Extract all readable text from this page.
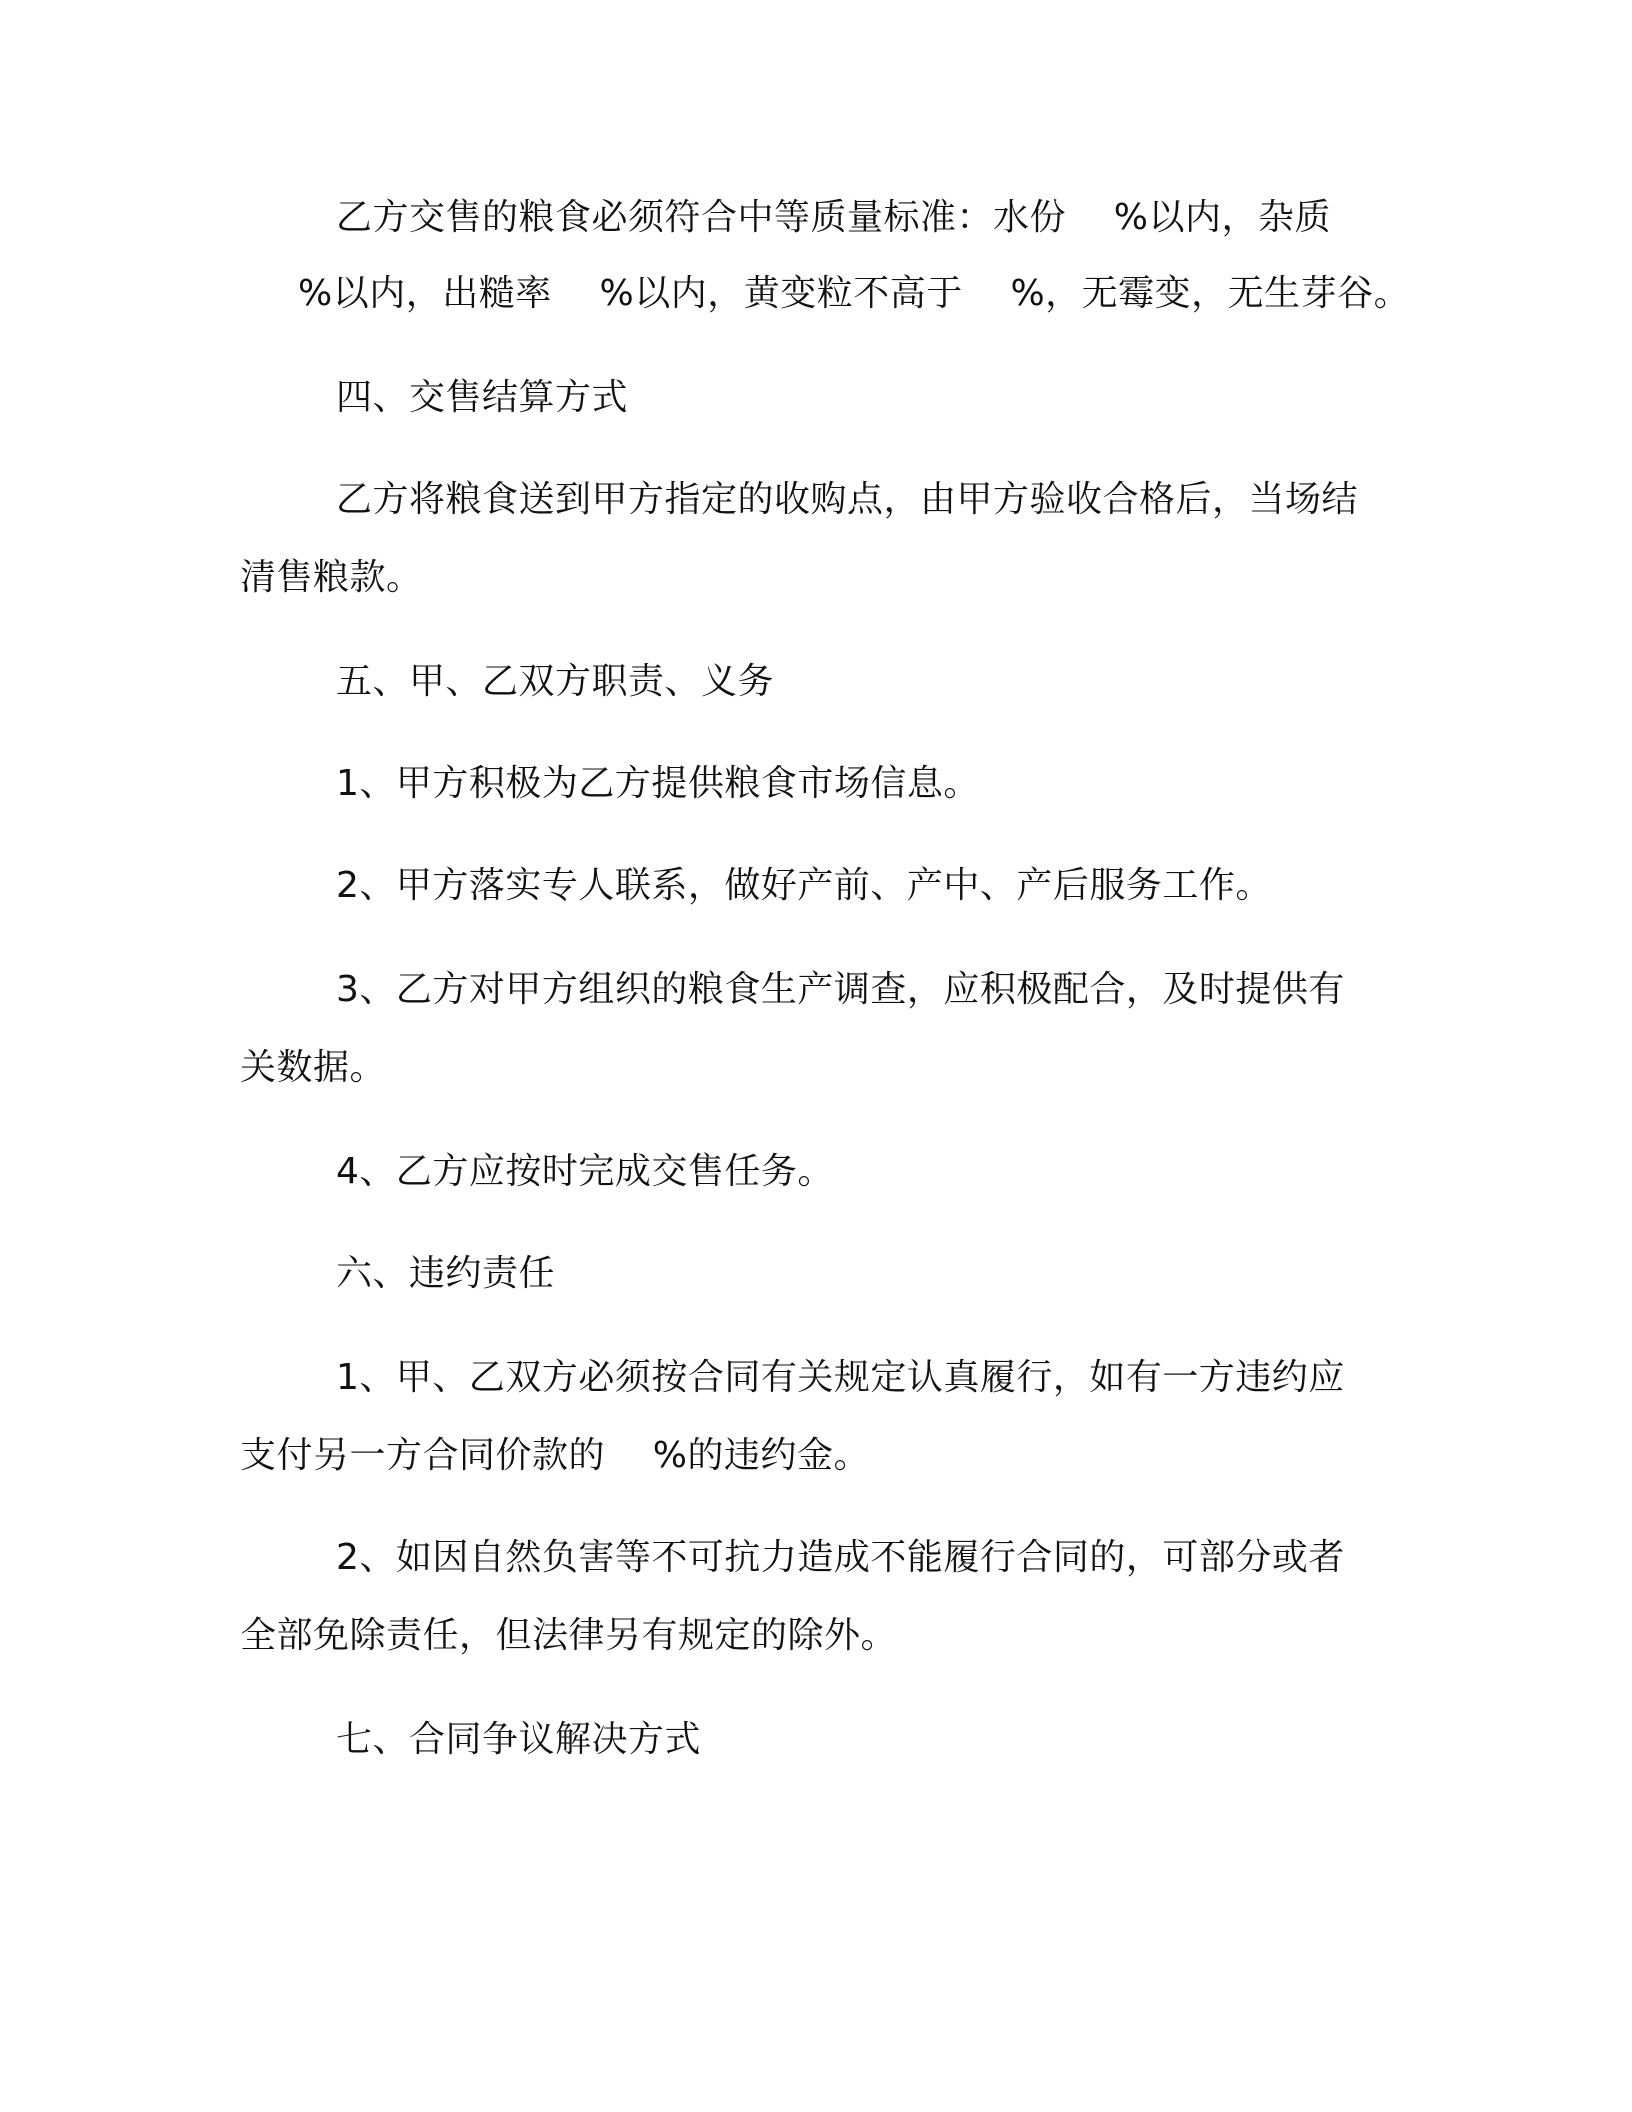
乙方交售的粮食必须符合中等质量标准：水份    %以内，杂质
%以内，出糙率    %以内，黄变粒不高于    %，无霉变，无生芽谷。
四、交售结算方式
乙方将粮食送到甲方指定的收购点，由甲方验收合格后，当场结
清售粮款。
五、甲、乙双方职责、义务
1、甲方积极为乙方提供粮食市场信息。
2、甲方落实专人联系，做好产前、产中、产后服务工作。
3、乙方对甲方组织的粮食生产调查，应积极配合，及时提供有
关数据。
4、乙方应按时完成交售任务。
六、违约责任
1、甲、乙双方必须按合同有关规定认真履行，如有一方违约应
支付另一方合同价款的    %的违约金。
2、如因自然负害等不可抗力造成不能履行合同的，可部分或者
全部免除责任，但法律另有规定的除外。
七、合同争议解决方式
